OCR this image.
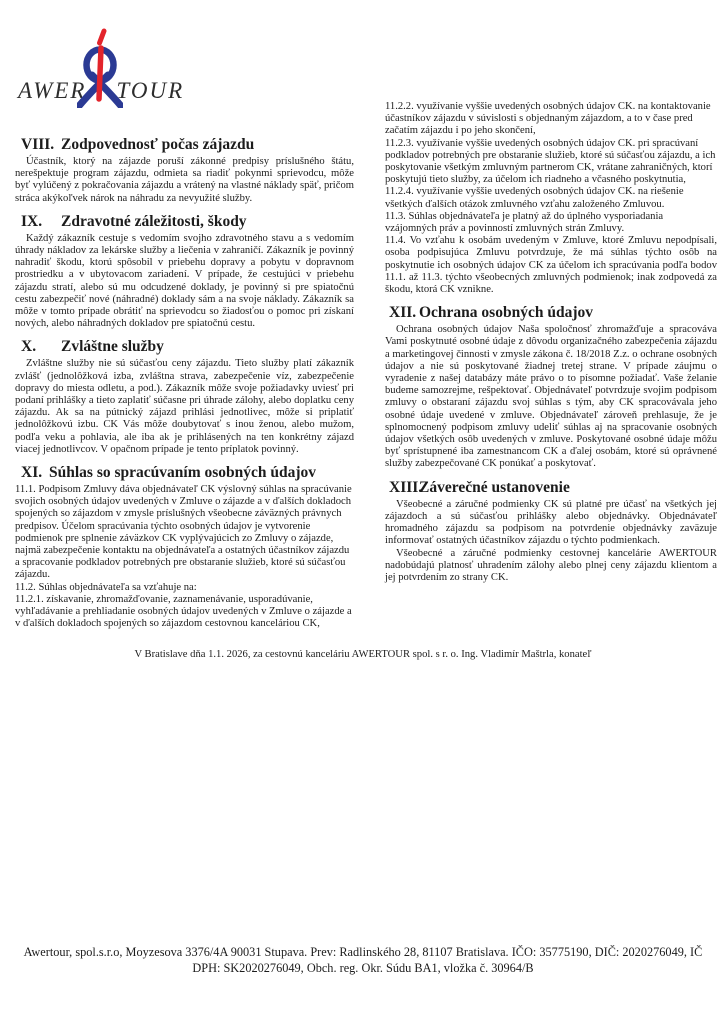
AWER TOUR
VIII. Zodpovednosť počas zájazdu

Účastník, ktorý na zájazde poruší zákonné predpisy príslušného štátu, nerešpektuje program zájazdu, odmieta sa riadiť pokynmi sprievodcu, môže byť vylúčený z pokračovania zájazdu a vrátený na vlastné náklady späť, pričom stráca akýkoľvek nárok na náhradu za nevyužité služby.

IX. Zdravotné záležitosti, škody

Každý zákazník cestuje s vedomím svojho zdravotného stavu a s vedomím úhrady nákladov za lekárske služby a liečenia v zahraničí. Zákazník je povinný nahradiť škodu, ktorú spôsobil v priebehu dopravy a pobytu v dopravnom prostriedku a v ubytovacom zariadení. V prípade, že cestujúci v priebehu zájazdu stratí, alebo sú mu odcudzené doklady, je povinný si pre spiatočnú cestu zabezpečiť nové (náhradné) doklady sám a na svoje náklady. Zákazník sa môže v tomto prípade obrátiť na sprievodcu so žiadosťou o pomoc pri získaní nových, alebo náhradných dokladov pre spiatočnú cestu.

X. Zvláštne služby

Zvláštne služby nie sú súčasťou ceny zájazdu. Tieto služby platí zákazník zvlášť (jednolôžková izba, zvláštna strava, zabezpečenie víz, zabezpečenie dopravy do miesta odletu, a pod.). Zákazník môže svoje požiadavky uviesť pri podaní prihlášky a tieto zaplatiť súčasne pri úhrade zálohy, alebo doplatku ceny zájazdu. Ak sa na pútnický zájazd prihlási jednotlivec, môže si priplatiť jednolôžkovú izbu. CK Vás môže doubytovať s inou ženou, alebo mužom, podľa veku a pohlavia, ale iba ak je prihlásených na ten konkrétny zájazd viacej jednotlivcov. V opačnom prípade je tento príplatok povinný.

XI. Súhlas so spracúvaním osobných údajov

11.1. Podpisom Zmluvy dáva objednávateľ CK výslovný súhlas na spracúvanie svojich osobných údajov uvedených v Zmluve o zájazde a v ďalších dokladoch spojených so zájazdom v zmysle príslušných všeobecne záväzných právnych predpisov. Účelom spracúvania týchto osobných údajov je vytvorenie podmienok pre splnenie záväzkov CK vyplývajúcich zo Zmluvy o zájazde, najmä zabezpečenie kontaktu na objednávateľa a ostatných účastníkov zájazdu a spracovanie podkladov potrebných pre obstaranie služieb, ktoré sú súčasťou zájazdu.

11.2. Súhlas objednávateľa sa vzťahuje na:

11.2.1. získavanie, zhromažďovanie, zaznamenávanie, usporadúvanie, vyhľadávanie a prehliadanie osobných údajov uvedených v Zmluve o zájazde a v ďalších dokladoch spojených so zájazdom cestovnou kanceláriou CK,

11.2.2. využívanie vyššie uvedených osobných údajov CK. na kontaktovanie účastníkov zájazdu v súvislosti s objednaným zájazdom, a to v čase pred začatím zájazdu i po jeho skončení,

11.2.3. využívanie vyššie uvedených osobných údajov CK. pri spracúvaní podkladov potrebných pre obstaranie služieb, ktoré sú súčasťou zájazdu, a ich poskytovanie všetkým zmluvným partnerom CK, vrátane zahraničných, ktorí poskytujú tieto služby, za účelom ich riadneho a včasného poskytnutia,

11.2.4. využívanie vyššie uvedených osobných údajov CK. na riešenie všetkých ďalších otázok zmluvného vzťahu založeného Zmluvou.

11.3. Súhlas objednávateľa je platný až do úplného vysporiadania vzájomných práv a povinností zmluvných strán Zmluvy.

11.4. Vo vzťahu k osobám uvedeným v Zmluve, ktoré Zmluvu nepodpísali, osoba podpisujúca Zmluvu potvrdzuje, že má súhlas týchto osôb na poskytnutie ich osobných údajov CK za účelom ich spracúvania podľa bodov 11.1. až 11.3. týchto všeobecných zmluvných podmienok; inak zodpovedá za škodu, ktorá CK vznikne.

XII. Ochrana osobných údajov

Ochrana osobných údajov Naša spoločnosť zhromažďuje a spracováva Vami poskytnuté osobné údaje z dôvodu organizačného zabezpečenia zájazdu a marketingovej činnosti v zmysle zákona č. 18/2018 Z.z. o ochrane osobných údajov a nie sú poskytované žiadnej tretej strane. V prípade záujmu o vyradenie z našej databázy máte právo o to písomne požiadať. Vaše želanie budeme samozrejme, rešpektovať. Objednávateľ potvrdzuje svojim podpisom zmluvy o obstaraní zájazdu svoj súhlas s tým, aby CK spracovávala jeho osobné údaje uvedené v zmluve. Objednávateľ zároveň prehlasuje, že je splnomocnený podpisom zmluvy udeliť súhlas aj na spracovanie osobných údajov všetkých osôb uvedených v zmluve. Poskytované osobné údaje môžu byť sprístupnené iba zamestnancom CK a ďalej osobám, ktoré sú oprávnené služby zabezpečované CK ponúkať a poskytovať.

XIII.Záverečné ustanovenie

Všeobecné a záručné podmienky CK sú platné pre účasť na všetkých jej zájazdoch a sú súčasťou prihlášky alebo objednávky. Objednávateľ hromadného zájazdu sa podpisom na potvrdenie objednávky zaväzuje informovať ostatných účastníkov zájazdu o týchto podmienkach.

Všeobecné a záručné podmienky cestovnej kancelárie AWERTOUR nadobúdajú platnosť uhradením zálohy alebo plnej ceny zájazdu klientom a jej potvrdením zo strany CK.

V Bratislave dňa 1.1. 2026, za cestovnú kanceláriu AWERTOUR spol. s r. o. Ing. Vladimír Maštrla, konateľ
Awertour, spol.s.r.o, Moyzesova 3376/4A 90031 Stupava. Prev: Radlinského 28, 81107 Bratislava. IČO: 35775190, DIČ: 2020276049, IČ
DPH: SK2020276049, Obch. reg. Okr. Súdu BA1, vložka č. 30964/B
